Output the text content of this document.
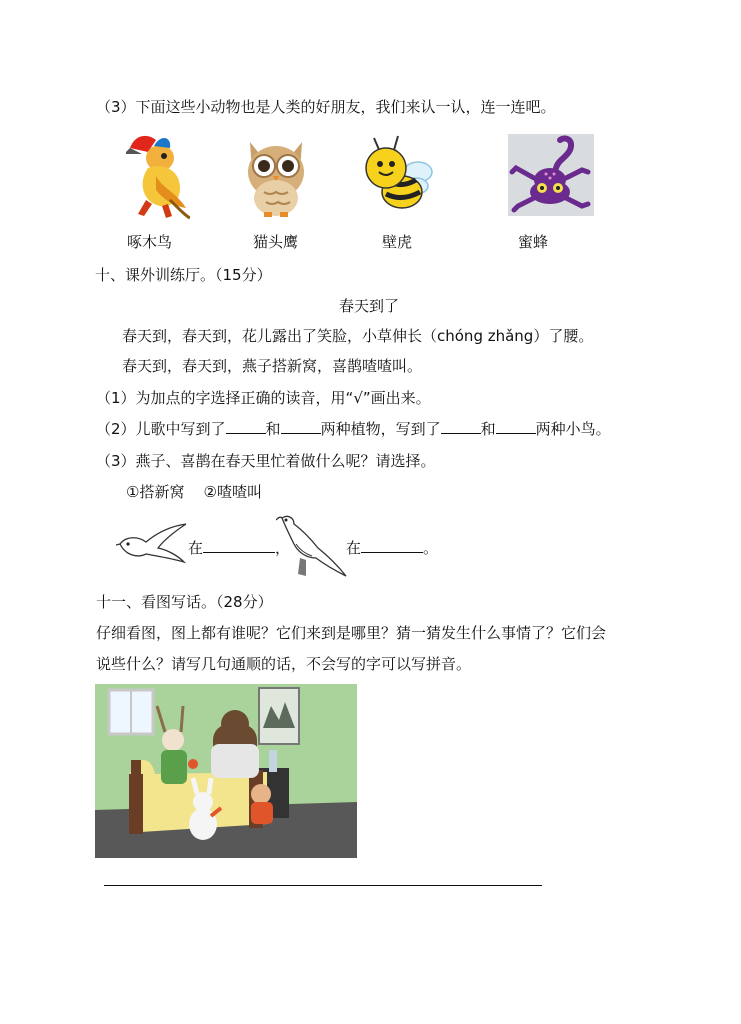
（3）下面这些小动物也是人类的好朋友，我们来认一认，连一连吧。
啄木鸟	猫头鹰	壁虎	蜜蜂
十、课外训练厅。（15分）
春天到了
春天到，春天到，花儿露出了笑脸，小草伸长（chóng zhǎng）了腰。
春天到，春天到，燕子搭新窝，喜鹊喳喳叫。
（1）为加点的字选择正确的读音，用“√”画出来。
（2）儿歌中写到了	和	两种植物，写到了	和	两种小鸟。
（3）燕子、喜鹊在春天里忙着做什么呢？请选择。
①搭新窝    ②喳喳叫
在	，	在	。
十一、看图写话。（28分）
仔细看图，图上都有谁呢？它们来到是哪里？猜一猜发生什么事情了？它们会
说些什么？请写几句通顺的话，不会写的字可以写拼音。
